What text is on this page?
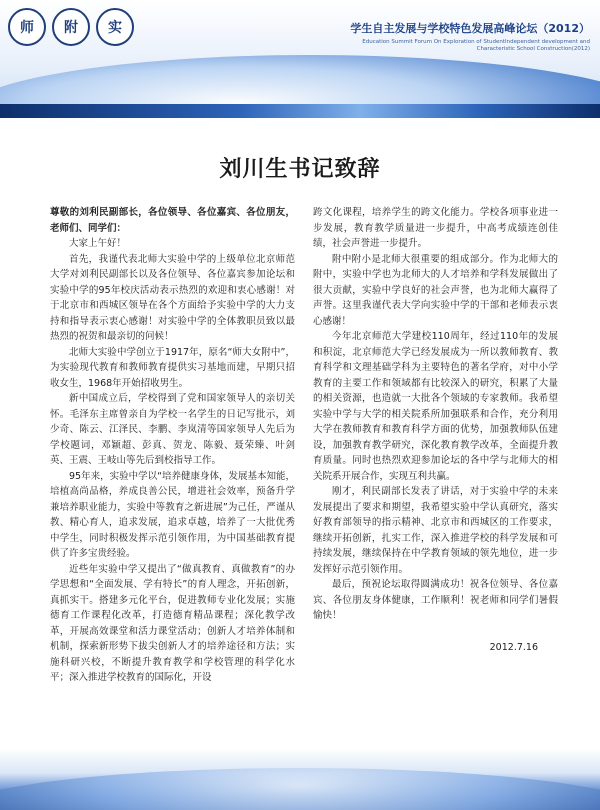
师	附	实	学生自主发展与学校特色发展高峰论坛（2012）
Education Summit Forum On Exploration of StudentIndependent development and Characteristic School Construction(2012)
刘川生书记致辞

尊敬的刘利民副部长，各位领导、各位嘉宾、各位朋友，老师们、同学们：

大家上午好！

首先，我谨代表北师大实验中学的上级单位北京师范大学对刘利民副部长以及各位领导、各位嘉宾参加论坛和实验中学的95年校庆活动表示热烈的欢迎和衷心感谢！对于北京市和西城区领导在各个方面给予实验中学的大力支持和指导表示衷心感谢！对实验中学的全体教职员致以最热烈的祝贺和最亲切的问候！

北师大实验中学创立于1917年，原名“师大女附中”，为实验现代教育和教师教育提供实习基地而建，早期只招收女生，1968年开始招收男生。

新中国成立后，学校得到了党和国家领导人的亲切关怀。毛泽东主席曾亲自为学校一名学生的日记写批示，刘少奇、陈云、江泽民、李鹏、李岚清等国家领导人先后为学校题词，邓颖超、彭真、贺龙、陈毅、聂荣臻、叶剑英、王震、王岐山等先后到校指导工作。

95年来，实验中学以“培养健康身体，发展基本知能，培植高尚品格，养成良善公民，增进社会效率，预备升学兼培养职业能力，实验中等教育之新进展”为己任，严谨从教、精心育人，追求发展，追求卓越，培养了一大批优秀中学生，同时积极发挥示范引领作用，为中国基础教育提供了许多宝贵经验。

近些年实验中学又提出了“做真教育、真做教育”的办学思想和“全面发展、学有特长”的育人理念，开拓创新，真抓实干。搭建多元化平台，促进教师专业化发展；实施德育工作课程化改革，打造德育精品课程；深化教学改革，开展高效课堂和活力课堂活动；创新人才培养体制和机制，探索新形势下拔尖创新人才的培养途径和方法；实施科研兴校，不断提升教育教学和学校管理的科学化水平；深入推进学校教育的国际化，开设

跨文化课程，培养学生的跨文化能力。学校各项事业进一步发展，教育教学质量进一步提升，中高考成绩连创佳绩，社会声誉进一步提升。

附中附小是北师大很重要的组成部分。作为北师大的附中，实验中学也为北师大的人才培养和学科发展做出了很大贡献，实验中学良好的社会声誉，也为北师大赢得了声誉。这里我谨代表大学向实验中学的干部和老师表示衷心感谢！

今年北京师范大学建校110周年，经过110年的发展和积淀，北京师范大学已经发展成为一所以教师教育、教育科学和文理基础学科为主要特色的著名学府，对中小学教育的主要工作和领域都有比较深入的研究，积累了大量的相关资源，也造就一大批各个领域的专家教师。我希望实验中学与大学的相关院系所加强联系和合作，充分利用大学在教师教育和教育科学方面的优势，加强教师队伍建设，加强教育教学研究，深化教育教学改革，全面提升教育质量。同时也热烈欢迎参加论坛的各中学与北师大的相关院系开展合作，实现互利共赢。

刚才，利民副部长发表了讲话，对于实验中学的未来发展提出了要求和期望，我希望实验中学认真研究，落实好教育部领导的指示精神、北京市和西城区的工作要求，继续开拓创新，扎实工作，深入推进学校的科学发展和可持续发展，继续保持在中学教育领域的领先地位，进一步发挥好示范引领作用。

最后，预祝论坛取得圆满成功！祝各位领导、各位嘉宾、各位朋友身体健康，工作顺利！祝老师和同学们暑假愉快！

2012.7.16
